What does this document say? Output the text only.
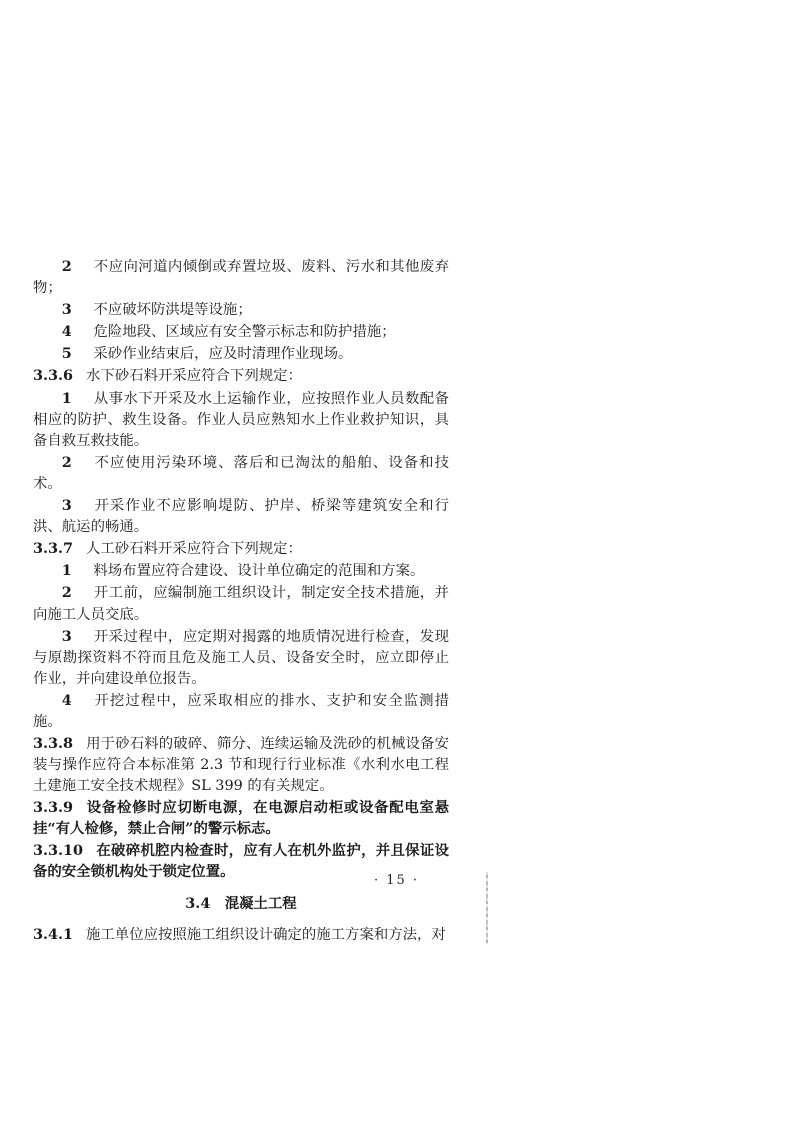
2 不应向河道内倾倒或弃置垃圾、废料、污水和其他废弃物；
3 不应破坏防洪堤等设施；
4 危险地段、区域应有安全警示标志和防护措施；
5 采砂作业结束后，应及时清理作业现场。
3.3.6 水下砂石料开采应符合下列规定：
1 从事水下开采及水上运输作业，应按照作业人员数配备相应的防护、救生设备。作业人员应熟知水上作业救护知识，具备自救互救技能。
2 不应使用污染环境、落后和已淘汰的船舶、设备和技术。
3 开采作业不应影响堤防、护岸、桥梁等建筑安全和行洪、航运的畅通。
3.3.7 人工砂石料开采应符合下列规定：
1 料场布置应符合建设、设计单位确定的范围和方案。
2 开工前，应编制施工组织设计，制定安全技术措施，并向施工人员交底。
3 开采过程中，应定期对揭露的地质情况进行检查，发现与原勘探资料不符而且危及施工人员、设备安全时，应立即停止作业，并向建设单位报告。
4 开挖过程中，应采取相应的排水、支护和安全监测措施。
3.3.8 用于砂石料的破碎、筛分、连续运输及洗砂的机械设备安装与操作应符合本标准第 2.3 节和现行行业标准《水利水电工程土建施工安全技术规程》SL 399 的有关规定。
3.3.9 设备检修时应切断电源，在电源启动柜或设备配电室悬挂“有人检修，禁止合闸”的警示标志。
3.3.10 在破碎机腔内检查时，应有人在机外监护，并且保证设备的安全锁机构处于锁定位置。
3.4 混凝土工程
3.4.1 施工单位应按照施工组织设计确定的施工方案和方法，对
· 15 ·
